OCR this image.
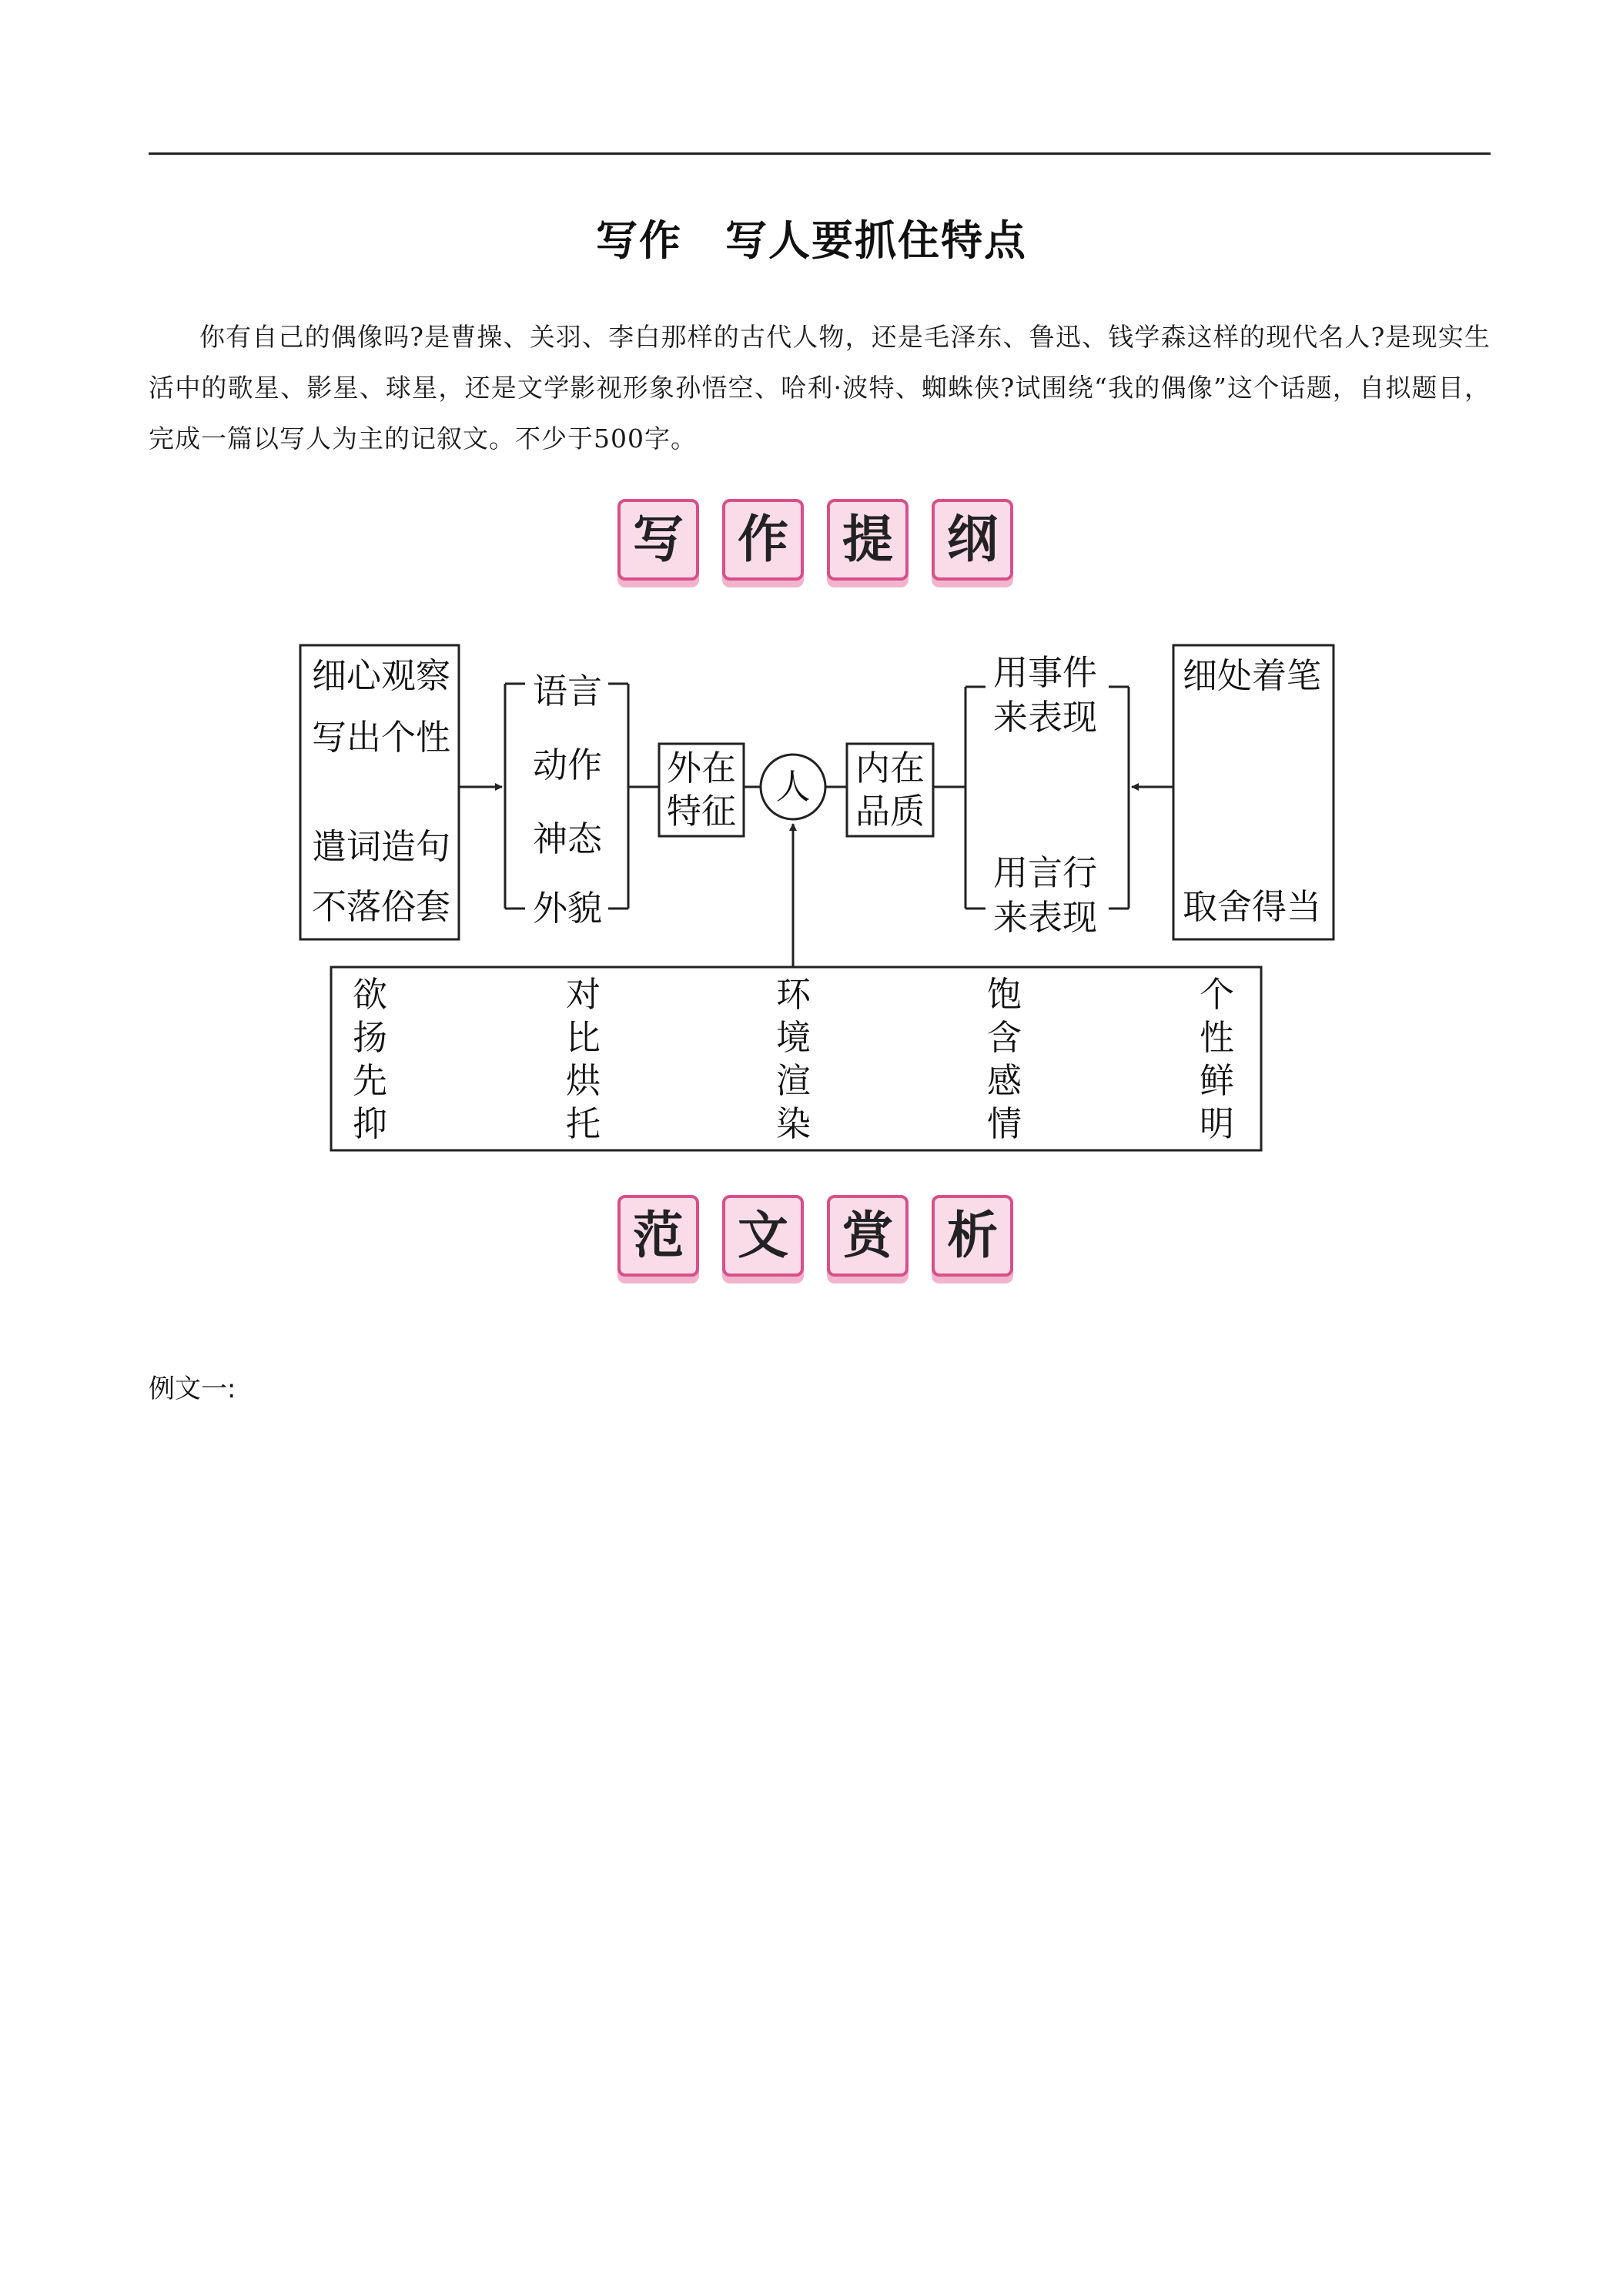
写作 写人要抓住特点

你有自己的偶像吗?是曹操、关羽、李白那样的古代人物，还是毛泽东、鲁迅、钱学森这样的现代名人?是现实生活中的歌星、影星、球星，还是文学影视形象孙悟空、哈利·波特、蜘蛛侠?试围绕“我的偶像”这个话题，自拟题目，完成一篇以写人为主的记叙文。不少于500字。

写	作	提	纲
细心观察
写出个性
遣词造句
不落俗套
语言
动作
神态
外貌
外在
特征
人	内在
品质
用事件
来表现
用言行
来表现
细处着笔
取舍得当
欲
扬
先
抑
对
比
烘
托
环
境
渲
染
饱
含
感
情
个
性
鲜
明
范	文	赏	析
例文一:
